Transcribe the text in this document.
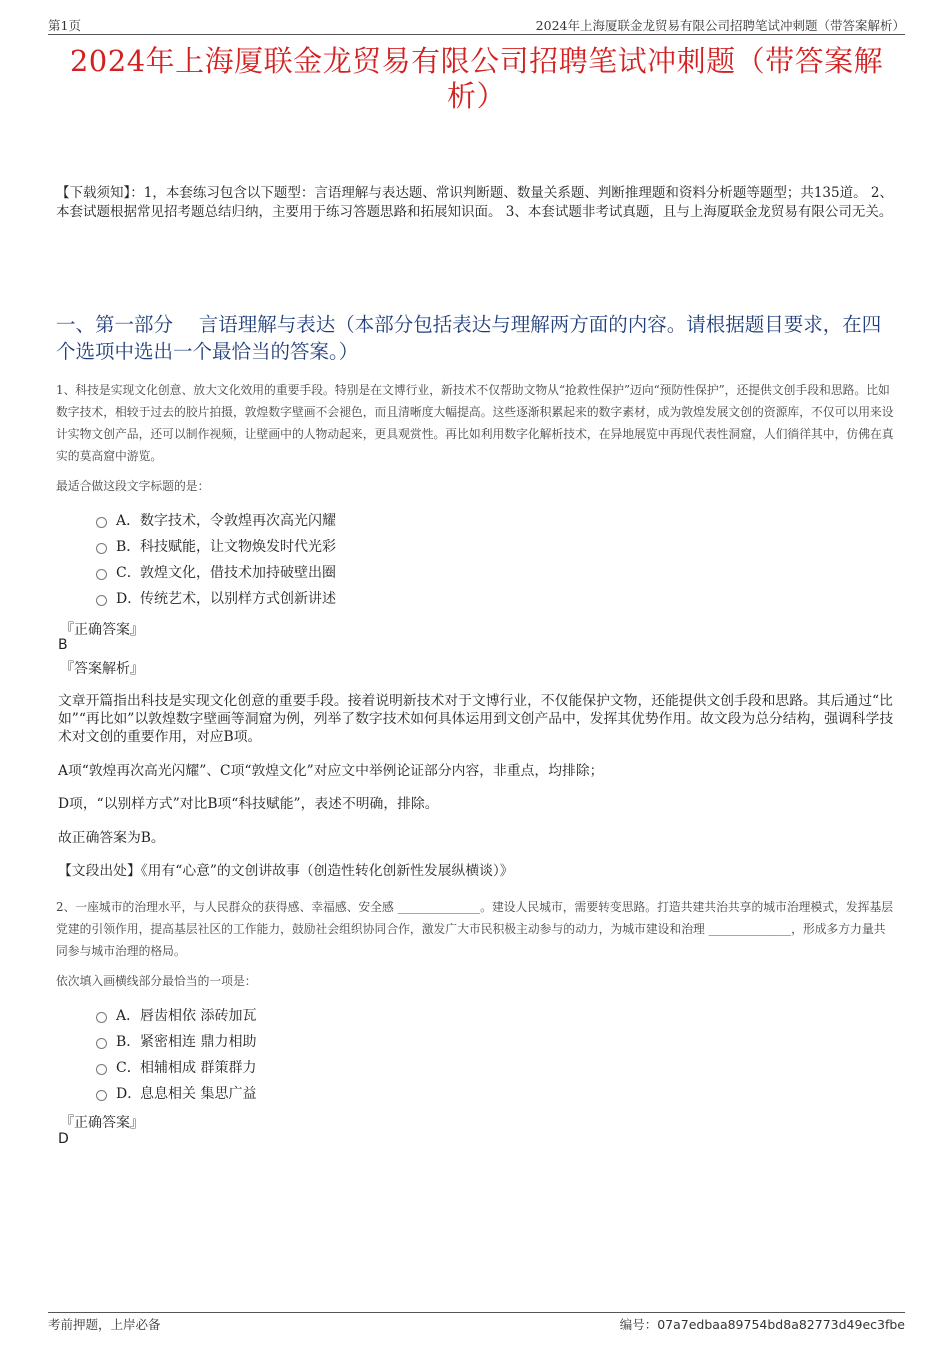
第1页	2024年上海厦联金龙贸易有限公司招聘笔试冲刺题（带答案解析）
2024年上海厦联金龙贸易有限公司招聘笔试冲刺题（带答案解析）
【下载须知】：1，本套练习包含以下题型：言语理解与表达题、常识判断题、数量关系题、判断推理题和资料分析题等题型；共135道。 2、本套试题根据常见招考题总结归纳，主要用于练习答题思路和拓展知识面。 3、本套试题非考试真题，且与上海厦联金龙贸易有限公司无关。
一、第一部分　 言语理解与表达（本部分包括表达与理解两方面的内容。请根据题目要求，在四个选项中选出一个最恰当的答案。）
1、科技是实现文化创意、放大文化效用的重要手段。特别是在文博行业，新技术不仅帮助文物从“抢救性保护”迈向“预防性保护”，还提供文创手段和思路。比如数字技术，相较于过去的胶片拍摄，敦煌数字壁画不会褪色，而且清晰度大幅提高。这些逐渐积累起来的数字素材，成为敦煌发展文创的资源库，不仅可以用来设计实物文创产品，还可以制作视频，让壁画中的人物动起来，更具观赏性。再比如利用数字化解析技术，在异地展览中再现代表性洞窟，人们徜徉其中，仿佛在真实的莫高窟中游览。
最适合做这段文字标题的是：
A． 数字技术，令敦煌再次高光闪耀
B． 科技赋能，让文物焕发时代光彩
C． 敦煌文化，借技术加持破壁出圈
D．
传统艺术，以别样方式创新讲述
『正确答案』
B
『答案解析』
文章开篇指出科技是实现文化创意的重要手段。接着说明新技术对于文博行业，不仅能保护文物，还能提供文创手段和思路。其后通过“比如”“再比如”以敦煌数字壁画等洞窟为例，列举了数字技术如何具体运用到文创产品中，发挥其优势作用。故文段为总分结构，强调科学技术对文创的重要作用，对应B项。
A项“敦煌再次高光闪耀”、C项“敦煌文化”对应文中举例论证部分内容，非重点，均排除；
D项，“以别样方式”对比B项“科技赋能”，表述不明确，排除。
故正确答案为B。
【文段出处】《用有“心意”的文创讲故事（创造性转化创新性发展纵横谈）》
2、一座城市的治理水平，与人民群众的获得感、幸福感、安全感 ______________。建设人民城市，需要转变思路。打造共建共治共享的城市治理模式，发挥基层党建的引领作用，提高基层社区的工作能力，鼓励社会组织协同合作，激发广大市民积极主动参与的动力，为城市建设和治理 ______________，形成多方力量共同参与城市治理的格局。
依次填入画横线部分最恰当的一项是：
A． 唇齿相依 添砖加瓦
B． 紧密相连 鼎力相助
C． 相辅相成 群策群力
D．
息息相关 集思广益
『正确答案』
D
考前押题，上岸必备	编号：07a7edbaa89754bd8a82773d49ec3fbe
